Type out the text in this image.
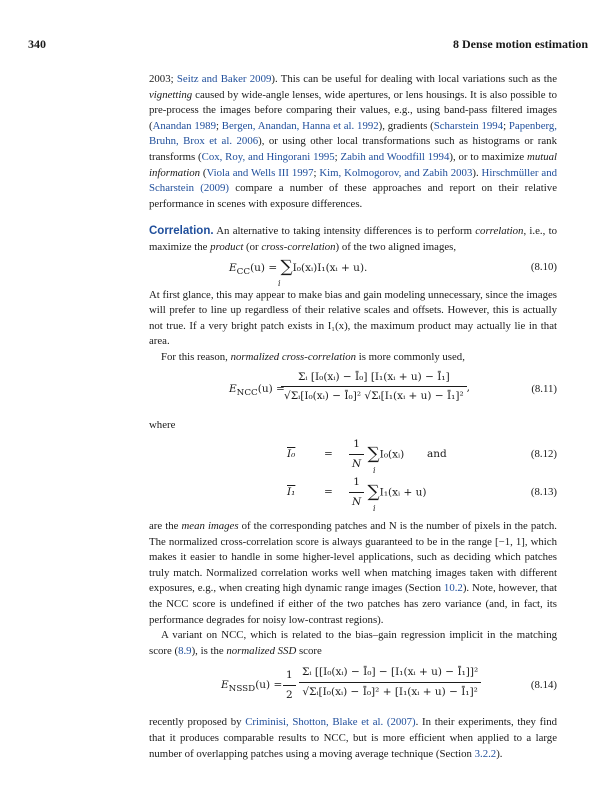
340	8 Dense motion estimation

2003; Seitz and Baker 2009). This can be useful for dealing with local variations such as the vignetting caused by wide-angle lenses, wide apertures, or lens housings. It is also possible to pre-process the images before comparing their values, e.g., using band-pass filtered images (Anandan 1989; Bergen, Anandan, Hanna et al. 1992), gradients (Scharstein 1994; Papenberg, Bruhn, Brox et al. 2006), or using other local transformations such as histograms or rank transforms (Cox, Roy, and Hingorani 1995; Zabih and Woodfill 1994), or to maximize mutual information (Viola and Wells III 1997; Kim, Kolmogorov, and Zabih 2003). Hirschmüller and Scharstein (2009) compare a number of these approaches and report on their relative performance in scenes with exposure differences.

Correlation. An alternative to taking intensity differences is to perform correlation, i.e., to maximize the product (or cross-correlation) of the two aligned images,

$E_{CC}(u)$ = ∑I₀(xᵢ)I₁(xᵢ + u).
i
(8.10)

At first glance, this may appear to make bias and gain modeling unnecessary, since the images will prefer to line up regardless of their relative scales and offsets. However, this is actually not true. If a very bright patch exists in I₁(x), the maximum product may actually lie in that area.

For this reason, normalized cross-correlation is more commonly used,

$E_{NCC}(u)$ =
$\frac{\text{Σᵢ [I₀(xᵢ) − Ī₀] [I₁(xᵢ + u) − Ī₁]}}{\text{√Σᵢ[I₀(xᵢ) − Ī₀]² √Σᵢ[I₁(xᵢ + u) − Ī₁]²}}$ ,	(8.11)

where

I₀	= $\frac{1}{N}$ ∑I₀(xᵢ) and
i
(8.12)
I₁	= $\frac{1}{N}$ ∑I₁(xᵢ + u)
i
(8.13)

are the mean images of the corresponding patches and N is the number of pixels in the patch. The normalized cross-correlation score is always guaranteed to be in the range [−1, 1], which makes it easier to handle in some higher-level applications, such as deciding which patches truly match. Normalized correlation works well when matching images taken with different exposures, e.g., when creating high dynamic range images (Section 10.2). Note, however, that the NCC score is undefined if either of the two patches has zero variance (and, in fact, its performance degrades for noisy low-contrast regions).

A variant on NCC, which is related to the bias–gain regression implicit in the matching score (8.9), is the normalized SSD score

$E_{NSSD}(u) = \frac{1}{2} \frac{\text{Σᵢ [[I₀(xᵢ) − Ī₀] − [I₁(xᵢ + u) − Ī₁]]²}}{\text{√Σᵢ[I₀(xᵢ) − Ī₀]² + [I₁(xᵢ + u) − Ī₁]²}}$	(8.14)

recently proposed by Criminisi, Shotton, Blake et al. (2007). In their experiments, they find that it produces comparable results to NCC, but is more efficient when applied to a large number of overlapping patches using a moving average technique (Section 3.2.2).
